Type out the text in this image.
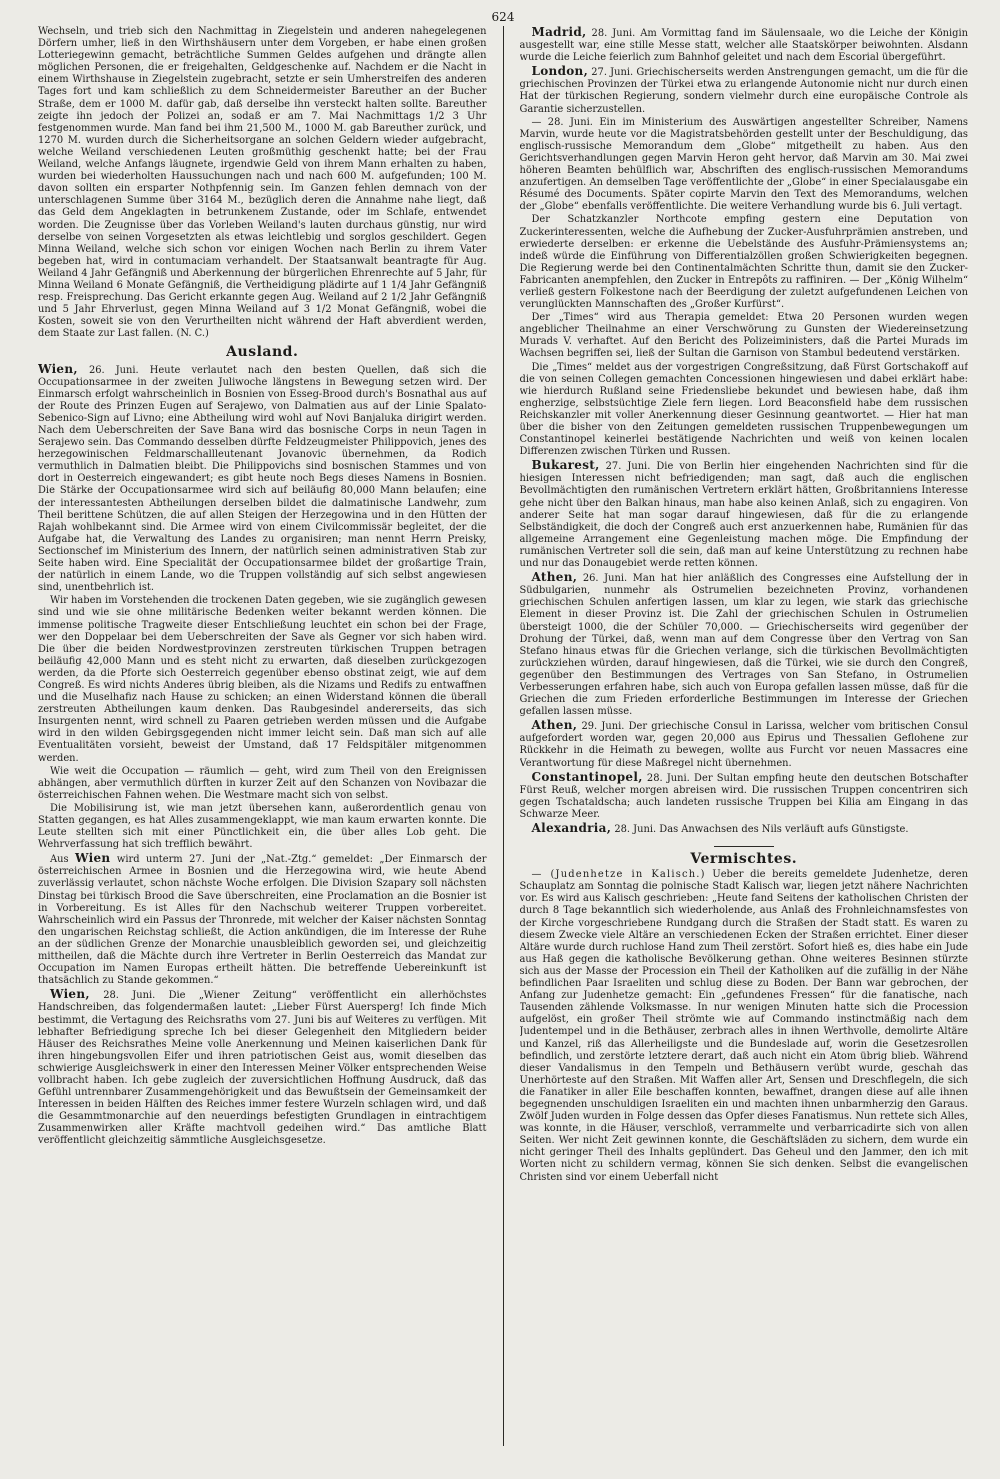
624

Wechseln, und trieb sich den Nachmittag in Ziegelstein und anderen nahegelegenen Dörfern umher, ließ in den Wirthshäusern unter dem Vorgeben, er habe einen großen Lotteriegewinn gemacht, beträchtliche Summen Geldes aufgehen und drängte allen möglichen Personen, die er freigehalten, Geldgeschenke auf. Nachdem er die Nacht in einem Wirthshause in Ziegelstein zugebracht, setzte er sein Umherstreifen des anderen Tages fort und kam schließlich zu dem Schneidermeister Bareuther an der Bucher Straße, dem er 1000 M. dafür gab, daß derselbe ihn versteckt halten sollte. Bareuther zeigte ihn jedoch der Polizei an, sodaß er am 7. Mai Nachmittags 1/2 3 Uhr festgenommen wurde. Man fand bei ihm 21,500 M., 1000 M. gab Bareuther zurück, und 1270 M. wurden durch die Sicherheitsorgane an solchen Geldern wieder aufgebracht, welche Weiland verschiedenen Leuten großmüthig geschenkt hatte; bei der Frau Weiland, welche Anfangs läugnete, irgendwie Geld von ihrem Mann erhalten zu haben, wurden bei wiederholten Haussuchungen nach und nach 600 M. aufgefunden; 100 M. davon sollten ein ersparter Nothpfennig sein. Im Ganzen fehlen demnach von der unterschlagenen Summe über 3164 M., bezüglich deren die Annahme nahe liegt, daß das Geld dem Angeklagten in betrunkenem Zustande, oder im Schlafe, entwendet worden. Die Zeugnisse über das Vorleben Weiland's lauten durchaus günstig, nur wird derselbe von seinen Vorgesetzten als etwas leichtlebig und sorglos geschildert. Gegen Minna Weiland, welche sich schon vor einigen Wochen nach Berlin zu ihrem Vater begeben hat, wird in contumaciam verhandelt. Der Staatsanwalt beantragte für Aug. Weiland 4 Jahr Gefängniß und Aberkennung der bürgerlichen Ehrenrechte auf 5 Jahr, für Minna Weiland 6 Monate Gefängniß, die Vertheidigung plädirte auf 1 1/4 Jahr Gefängniß resp. Freisprechung. Das Gericht erkannte gegen Aug. Weiland auf 2 1/2 Jahr Gefängniß und 5 Jahr Ehrverlust, gegen Minna Weiland auf 3 1/2 Monat Gefängniß, wobei die Kosten, soweit sie von den Verurtheilten nicht während der Haft abverdient werden, dem Staate zur Last fallen. (N. C.)

Ausland.

Wien, 26. Juni. Heute verlautet nach den besten Quellen, daß sich die Occupationsarmee in der zweiten Juliwoche längstens in Bewegung setzen wird. Der Einmarsch erfolgt wahrscheinlich in Bosnien von Esseg-Brood durch's Bosnathal aus auf der Route des Prinzen Eugen auf Serajewo, von Dalmatien aus auf der Linie Spalato-Sebenico-Sign auf Livno; eine Abtheilung wird wohl auf Novi Banjaluka dirigirt werden. Nach dem Ueberschreiten der Save Bana wird das bosnische Corps in neun Tagen in Serajewo sein. Das Commando desselben dürfte Feldzeugmeister Philippovich, jenes des herzegowinischen Feldmarschallleutenant Jovanovic übernehmen, da Rodich vermuthlich in Dalmatien bleibt. Die Philippovichs sind bosnischen Stammes und von dort in Oesterreich eingewandert; es gibt heute noch Begs dieses Namens in Bosnien. Die Stärke der Occupationsarmee wird sich auf beiläufig 80,000 Mann belaufen; eine der interessantesten Abtheilungen derselben bildet die dalmatinische Landwehr, zum Theil berittene Schützen, die auf allen Steigen der Herzegowina und in den Hütten der Rajah wohlbekannt sind. Die Armee wird von einem Civilcommissär begleitet, der die Aufgabe hat, die Verwaltung des Landes zu organisiren; man nennt Herrn Preisky, Sectionschef im Ministerium des Innern, der natürlich seinen administrativen Stab zur Seite haben wird. Eine Specialität der Occupationsarmee bildet der großartige Train, der natürlich in einem Lande, wo die Truppen vollständig auf sich selbst angewiesen sind, unentbehrlich ist.

Wir haben im Vorstehenden die trockenen Daten gegeben, wie sie zugänglich gewesen sind und wie sie ohne militärische Bedenken weiter bekannt werden können. Die immense politische Tragweite dieser Entschließung leuchtet ein schon bei der Frage, wer den Doppelaar bei dem Ueberschreiten der Save als Gegner vor sich haben wird. Die über die beiden Nordwestprovinzen zerstreuten türkischen Truppen betragen beiläufig 42,000 Mann und es steht nicht zu erwarten, daß dieselben zurückgezogen werden, da die Pforte sich Oesterreich gegenüber ebenso obstinat zeigt, wie auf dem Congreß. Es wird nichts Anderes übrig bleiben, als die Nizams und Redifs zu entwaffnen und die Muselhafiz nach Hause zu schicken; an einen Widerstand können die überall zerstreuten Abtheilungen kaum denken. Das Raubgesindel andererseits, das sich Insurgenten nennt, wird schnell zu Paaren getrieben werden müssen und die Aufgabe wird in den wilden Gebirgsgegenden nicht immer leicht sein. Daß man sich auf alle Eventualitäten vorsieht, beweist der Umstand, daß 17 Feldspitäler mitgenommen werden.

Wie weit die Occupation — räumlich — geht, wird zum Theil von den Ereignissen abhängen, aber vermuthlich dürften in kurzer Zeit auf den Schanzen von Novibazar die österreichischen Fahnen wehen. Die Westmare macht sich von selbst.

Die Mobilisirung ist, wie man jetzt übersehen kann, außerordentlich genau von Statten gegangen, es hat Alles zusammengeklappt, wie man kaum erwarten konnte. Die Leute stellten sich mit einer Pünctlichkeit ein, die über alles Lob geht. Die Wehrverfassung hat sich trefflich bewährt.

Aus Wien wird unterm 27. Juni der „Nat.-Ztg.“ gemeldet: „Der Einmarsch der österreichischen Armee in Bosnien und die Herzegowina wird, wie heute Abend zuverlässig verlautet, schon nächste Woche erfolgen. Die Division Szapary soll nächsten Dinstag bei türkisch Brood die Save überschreiten, eine Proclamation an die Bosnier ist in Vorbereitung. Es ist Alles für den Nachschub weiterer Truppen vorbereitet. Wahrscheinlich wird ein Passus der Thronrede, mit welcher der Kaiser nächsten Sonntag den ungarischen Reichstag schließt, die Action ankündigen, die im Interesse der Ruhe an der südlichen Grenze der Monarchie unausbleiblich geworden sei, und gleichzeitig mittheilen, daß die Mächte durch ihre Vertreter in Berlin Oesterreich das Mandat zur Occupation im Namen Europas ertheilt hätten. Die betreffende Uebereinkunft ist thatsächlich zu Stande gekommen.“

Wien, 28. Juni. Die „Wiener Zeitung“ veröffentlicht ein allerhöchstes Handschreiben, das folgendermaßen lautet: „Lieber Fürst Auersperg! Ich finde Mich bestimmt, die Vertagung des Reichsraths vom 27. Juni bis auf Weiteres zu verfügen. Mit lebhafter Befriedigung spreche Ich bei dieser Gelegenheit den Mitgliedern beider Häuser des Reichsrathes Meine volle Anerkennung und Meinen kaiserlichen Dank für ihren hingebungsvollen Eifer und ihren patriotischen Geist aus, womit dieselben das schwierige Ausgleichswerk in einer den Interessen Meiner Völker entsprechenden Weise vollbracht haben. Ich gebe zugleich der zuversichtlichen Hoffnung Ausdruck, daß das Gefühl untrennbarer Zusammengehörigkeit und das Bewußtsein der Gemeinsamkeit der Interessen in beiden Hälften des Reiches immer festere Wurzeln schlagen wird, und daß die Gesammtmonarchie auf den neuerdings befestigten Grundlagen in eintrachtigem Zusammenwirken aller Kräfte machtvoll gedeihen wird.“ Das amtliche Blatt veröffentlicht gleichzeitig sämmtliche Ausgleichsgesetze.

Madrid, 28. Juni. Am Vormittag fand im Säulensaale, wo die Leiche der Königin ausgestellt war, eine stille Messe statt, welcher alle Staatskörper beiwohnten. Alsdann wurde die Leiche feierlich zum Bahnhof geleitet und nach dem Escorial übergeführt.

London, 27. Juni. Griechischerseits werden Anstrengungen gemacht, um die für die griechischen Provinzen der Türkei etwa zu erlangende Autonomie nicht nur durch einen Hat der türkischen Regierung, sondern vielmehr durch eine europäische Controle als Garantie sicherzustellen.

— 28. Juni. Ein im Ministerium des Auswärtigen angestellter Schreiber, Namens Marvin, wurde heute vor die Magistratsbehörden gestellt unter der Beschuldigung, das englisch-russische Memorandum dem „Globe“ mitgetheilt zu haben. Aus den Gerichtsverhandlungen gegen Marvin Heron geht hervor, daß Marvin am 30. Mai zwei höheren Beamten behülflich war, Abschriften des englisch-russischen Memorandums anzufertigen. An demselben Tage veröffentlichte der „Globe“ in einer Specialausgabe ein Résumé des Documents. Später copirte Marvin den Text des Memorandums, welchen der „Globe“ ebenfalls veröffentlichte. Die weitere Verhandlung wurde bis 6. Juli vertagt.

Der Schatzkanzler Northcote empfing gestern eine Deputation von Zuckerinteressenten, welche die Aufhebung der Zucker-Ausfuhrprämien anstreben, und erwiederte derselben: er erkenne die Uebelstände des Ausfuhr-Prämiensystems an; indeß würde die Einführung von Differentialzöllen großen Schwierigkeiten begegnen. Die Regierung werde bei den Continentalmächten Schritte thun, damit sie den Zucker-Fabricanten anempfehlen, den Zucker in Entrepôts zu raffiniren. — Der „König Wilhelm“ verließ gestern Folkestone nach der Beerdigung der zuletzt aufgefundenen Leichen von verunglückten Mannschaften des „Großer Kurfürst“.

Der „Times“ wird aus Therapia gemeldet: Etwa 20 Personen wurden wegen angeblicher Theilnahme an einer Verschwörung zu Gunsten der Wiedereinsetzung Murads V. verhaftet. Auf den Bericht des Polizeiministers, daß die Partei Murads im Wachsen begriffen sei, ließ der Sultan die Garnison von Stambul bedeutend verstärken.

Die „Times“ meldet aus der vorgestrigen Congreßsitzung, daß Fürst Gortschakoff auf die von seinen Collegen gemachten Concessionen hingewiesen und dabei erklärt habe: wie hierdurch Rußland seine Friedensliebe bekundet und bewiesen habe, daß ihm engherzige, selbstsüchtige Ziele fern liegen. Lord Beaconsfield habe dem russischen Reichskanzler mit voller Anerkennung dieser Gesinnung geantwortet. — Hier hat man über die bisher von den Zeitungen gemeldeten russischen Truppenbewegungen um Constantinopel keinerlei bestätigende Nachrichten und weiß von keinen localen Differenzen zwischen Türken und Russen.

Bukarest, 27. Juni. Die von Berlin hier eingehenden Nachrichten sind für die hiesigen Interessen nicht befriedigenden; man sagt, daß auch die englischen Bevollmächtigten den rumänischen Vertretern erklärt hätten, Großbritanniens Interesse gehe nicht über den Balkan hinaus, man habe also keinen Anlaß, sich zu engagiren. Von anderer Seite hat man sogar darauf hingewiesen, daß für die zu erlangende Selbständigkeit, die doch der Congreß auch erst anzuerkennen habe, Rumänien für das allgemeine Arrangement eine Gegenleistung machen möge. Die Empfindung der rumänischen Vertreter soll die sein, daß man auf keine Unterstützung zu rechnen habe und nur das Donaugebiet werde retten können.

Athen, 26. Juni. Man hat hier anläßlich des Congresses eine Aufstellung der in Südbulgarien, nunmehr als Ostrumelien bezeichneten Provinz, vorhandenen griechischen Schulen anfertigen lassen, um klar zu legen, wie stark das griechische Element in dieser Provinz ist. Die Zahl der griechischen Schulen in Ostrumelien übersteigt 1000, die der Schüler 70,000. — Griechischerseits wird gegenüber der Drohung der Türkei, daß, wenn man auf dem Congresse über den Vertrag von San Stefano hinaus etwas für die Griechen verlange, sich die türkischen Bevollmächtigten zurückziehen würden, darauf hingewiesen, daß die Türkei, wie sie durch den Congreß, gegenüber den Bestimmungen des Vertrages von San Stefano, in Ostrumelien Verbesserungen erfahren habe, sich auch von Europa gefallen lassen müsse, daß für die Griechen die zum Frieden erforderliche Bestimmungen im Interesse der Griechen gefallen lassen müsse.

Athen, 29. Juni. Der griechische Consul in Larissa, welcher vom britischen Consul aufgefordert worden war, gegen 20,000 aus Epirus und Thessalien Geflohene zur Rückkehr in die Heimath zu bewegen, wollte aus Furcht vor neuen Massacres eine Verantwortung für diese Maßregel nicht übernehmen.

Constantinopel, 28. Juni. Der Sultan empfing heute den deutschen Botschafter Fürst Reuß, welcher morgen abreisen wird. Die russischen Truppen concentriren sich gegen Tschataldscha; auch landeten russische Truppen bei Kilia am Eingang in das Schwarze Meer.

Alexandria, 28. Juni. Das Anwachsen des Nils verläuft aufs Günstigste.

Vermischtes.

— (Judenhetze in Kalisch.) Ueber die bereits gemeldete Judenhetze, deren Schauplatz am Sonntag die polnische Stadt Kalisch war, liegen jetzt nähere Nachrichten vor. Es wird aus Kalisch geschrieben: „Heute fand Seitens der katholischen Christen der durch 8 Tage bekanntlich sich wiederholende, aus Anlaß des Frohnleichnamsfestes von der Kirche vorgeschriebene Rundgang durch die Straßen der Stadt statt. Es waren zu diesem Zwecke viele Altäre an verschiedenen Ecken der Straßen errichtet. Einer dieser Altäre wurde durch ruchlose Hand zum Theil zerstört. Sofort hieß es, dies habe ein Jude aus Haß gegen die katholische Bevölkerung gethan. Ohne weiteres Besinnen stürzte sich aus der Masse der Procession ein Theil der Katholiken auf die zufällig in der Nähe befindlichen Paar Israeliten und schlug diese zu Boden. Der Bann war gebrochen, der Anfang zur Judenhetze gemacht: Ein „gefundenes Fressen“ für die fanatische, nach Tausenden zählende Volksmasse. In nur wenigen Minuten hatte sich die Procession aufgelöst, ein großer Theil strömte wie auf Commando instinctmäßig nach dem Judentempel und in die Bethäuser, zerbrach alles in ihnen Werthvolle, demolirte Altäre und Kanzel, riß das Allerheiligste und die Bundeslade auf, worin die Gesetzesrollen befindlich, und zerstörte letztere derart, daß auch nicht ein Atom übrig blieb. Während dieser Vandalismus in den Tempeln und Bethäusern verübt wurde, geschah das Unerhörteste auf den Straßen. Mit Waffen aller Art, Sensen und Dreschflegeln, die sich die Fanatiker in aller Eile beschaffen konnten, bewaffnet, drangen diese auf alle ihnen begegnenden unschuldigen Israeliten ein und machten ihnen unbarmherzig den Garaus. Zwölf Juden wurden in Folge dessen das Opfer dieses Fanatismus. Nun rettete sich Alles, was konnte, in die Häuser, verschloß, verrammelte und verbarricadirte sich von allen Seiten. Wer nicht Zeit gewinnen konnte, die Geschäftsläden zu sichern, dem wurde ein nicht geringer Theil des Inhalts geplündert. Das Geheul und den Jammer, den ich mit Worten nicht zu schildern vermag, können Sie sich denken. Selbst die evangelischen Christen sind vor einem Ueberfall nicht
